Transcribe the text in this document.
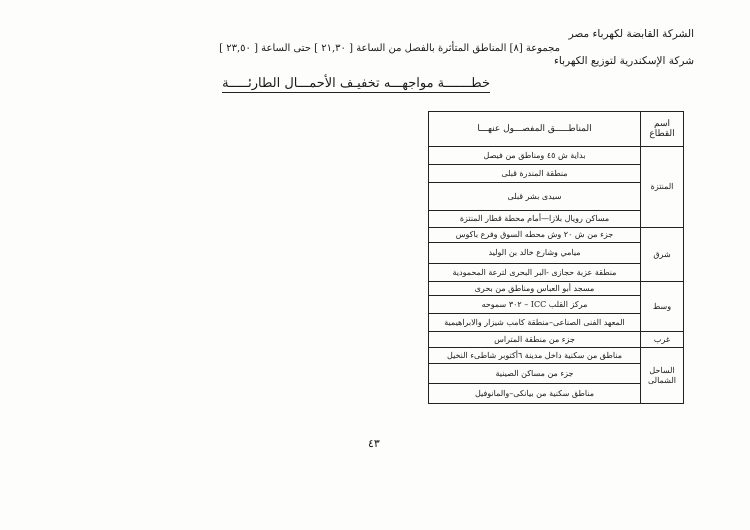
الشركة القابضة لكهرباء مصر
شركة الإسكندرية لتوزيع الكهرباء
مجموعة [٨] المناطق المتأثرة بالفصل من الساعة [ ٢١,٣٠ ] حتى الساعة [ ٢٣,٥٠ ]
خطـــــــة مواجهـــه تخفيـف الأحمـــال الطارئـــــة
اسم القطاع	المناطـــــق المفصـــول عنهـــا
المنتزة	بداية ش ٤٥ ومناطق من فيصل
	منطقة المندرة قبلى
	سيدى بشر قبلى
	مساكن رويال بلازا—أمام محطة قطار المنتزة
شرق	جزء من ش ٢٠ وش محطه السوق وفرع باكوس
	ميامي وشارع خالد بن الوليد
	منطقة عزبة حجازى -البر البحرى لترعة المحمودية
وسط	مسجد أبو العباس ومناطق من بحرى
	مركز القلب ICC – ٣٠٢ سموحه
	المعهد الفنى الصناعى–منطقة كامب شيزار والابراهيمية
غرب	جزء من منطقة المتراس
الساحل الشمالى	مناطق من سكنية داخل مدينة ٦أكتوبر شاطىء النخيل
	جزء من مساكن الصينية
	مناطق سكنية من بيانكى–والمانوفيل
٤٣
